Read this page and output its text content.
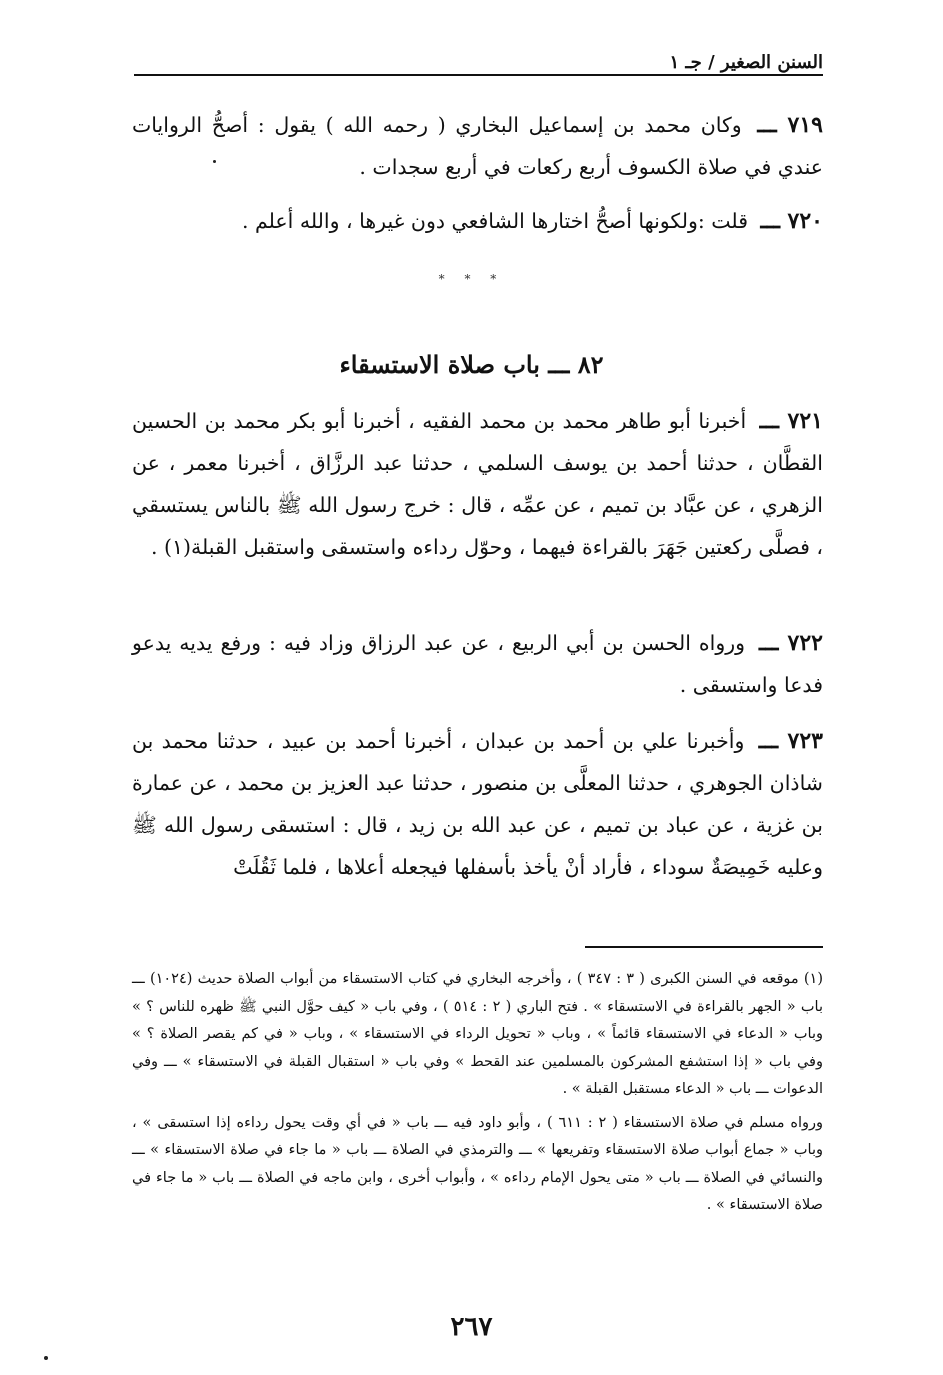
السنن الصغير / جـ ١
٧١٩ ـــ وكان محمد بن إسماعيل البخاري ( رحمه الله ) يقول : أصحُّ الروايات عندي في صلاة الكسوف أربع ركعات في أربع سجدات .
٧٢٠ ـــ قلت :ولكونها أصحُّ اختارها الشافعي دون غيرها ، والله أعلم .
* * *
٨٢ ـــ باب صلاة الاستسقاء
٧٢١ ـــ أخبرنا أبو طاهر محمد بن محمد الفقيه ، أخبرنا أبو بكر محمد بن الحسين القطَّان ، حدثنا أحمد بن يوسف السلمي ، حدثنا عبد الرزَّاق ، أخبرنا معمر ، عن الزهري ، عن عبَّاد بن تميم ، عن عمِّه ، قال : خرج رسول الله ﷺ بالناس يستسقي ، فصلَّى ركعتين جَهَرَ بالقراءة فيهما ، وحوّل رداءه واستسقى واستقبل القبلة(١) .
٧٢٢ ـــ ورواه الحسن بن أبي الربيع ، عن عبد الرزاق وزاد فيه : ورفع يديه يدعو فدعا واستسقى .
٧٢٣ ـــ وأخبرنا علي بن أحمد بن عبدان ، أخبرنا أحمد بن عبيد ، حدثنا محمد بن شاذان الجوهري ، حدثنا المعلَّى بن منصور ، حدثنا عبد العزيز بن محمد ، عن عمارة بن غزية ، عن عباد بن تميم ، عن عبد الله بن زيد ، قال : استسقى رسول الله ﷺ وعليه خَمِيصَةٌ سوداء ، فأراد أنْ يأخذ بأسفلها فيجعله أعلاها ، فلما ثَقُلَتْ

(١) موقعه في السنن الكبرى ( ٣ : ٣٤٧ ) ، وأخرجه البخاري في كتاب الاستسقاء من أبواب الصلاة حديث (١٠٢٤) ـــ باب « الجهر بالقراءة في الاستسقاء » . فتح الباري ( ٢ : ٥١٤ ) ، وفي باب « كيف حوَّل النبي ﷺ ظهره للناس ؟ » وباب « الدعاء في الاستسقاء قائماً » ، وباب « تحويل الرداء في الاستسقاء » ، وباب « في كم يقصر الصلاة ؟ » وفي باب « إذا استشفع المشركون بالمسلمين عند القحط » وفي باب « استقبال القبلة في الاستسقاء » ـــ وفي الدعوات ـــ باب « الدعاء مستقبل القبلة » .

ورواه مسلم في صلاة الاستسقاء ( ٢ : ٦١١ ) ، وأبو داود فيه ـــ باب « في أي وقت يحول رداءه إذا استسقى » ، وباب « جماع أبواب صلاة الاستسقاء وتفريعها » ـــ والترمذي في الصلاة ـــ باب « ما جاء في صلاة الاستسقاء » ـــ والنسائي في الصلاة ـــ باب « متى يحول الإمام رداءه » ، وأبواب أخرى ، وابن ماجه في الصلاة ـــ باب « ما جاء في صلاة الاستسقاء » .

٢٦٧
